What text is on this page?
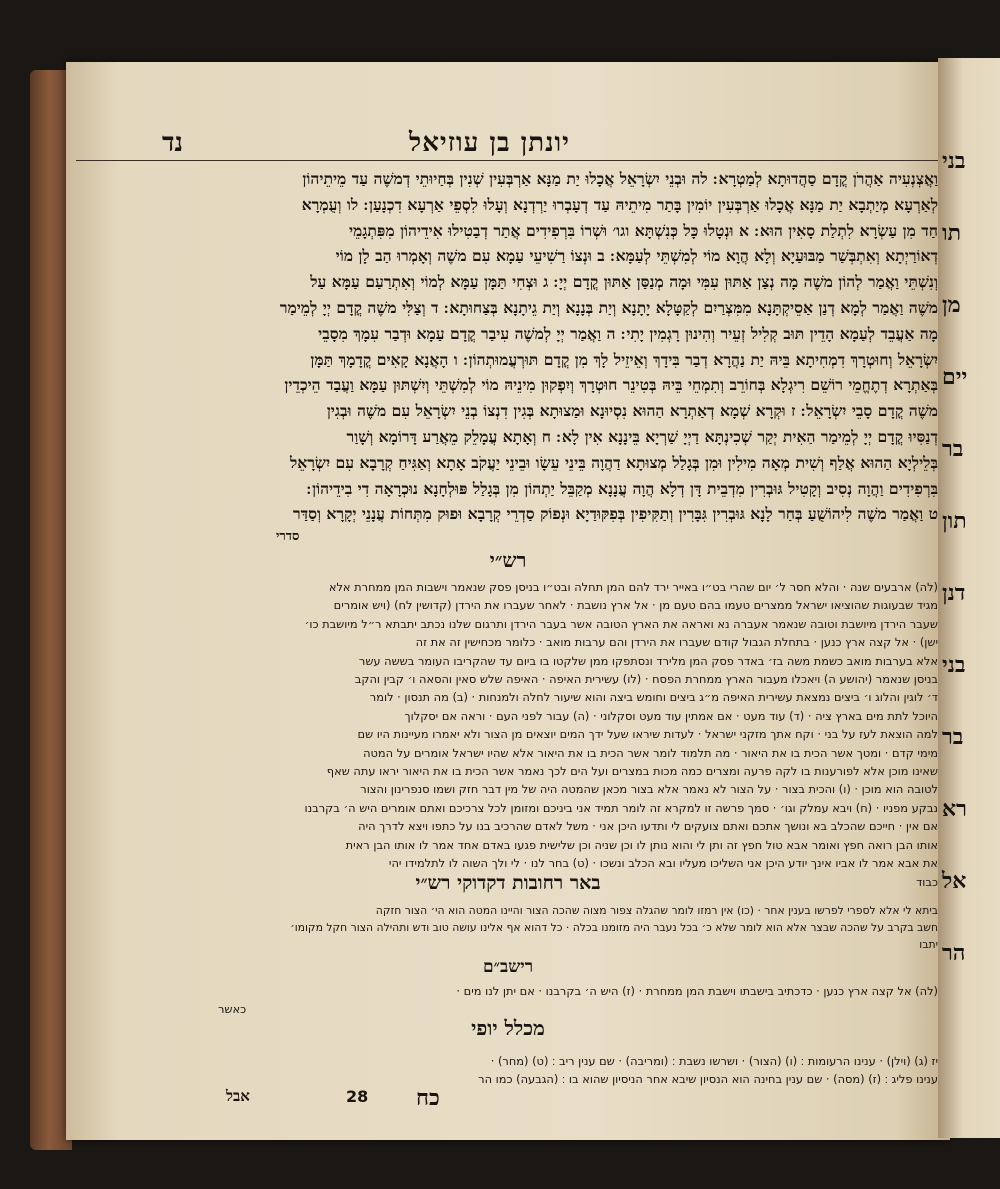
יונתן בן עוזיאל
נד
וַאֲצְנְעִיה אַהֲרֹן קֳדָם סַהֲדוּתָא לְמַטְרָא ׃ לה וּבְנֵי יִשְׂרָאֵל אֲכָלוּ יַת מַנָּא אַרְבְּעִין שְׁנִין בְּחַיוּתֵי דְמשֶׁה עַד מֵיתֵיהוֹן
לְאַרְעָא מְיַתְבָא יַת מַנָּא אֲכָלוּ אַרְבְּעִין יוֹמִין בָּתַר מִיתֵיהּ עַד דְעָבְרוּ יַרְדְנָא וְעָלוּ לִסְפֵי אַרְעָא דִכְנָעַן ׃ לו וְעֻמְרָא
חַד מִן עַשְׂרָא לִתְלַת סָאִין הוּא ׃ א וּנְטָלוּ כָּל כְּנִשְׁתָּא וגו׳ וּשְׁרוֹ בִּרְפִידִים אֲתַר דְבַטִילוּ אִידֵיהוֹן מִפִּתְגָמֵי
דְאוֹרַיְתָא וְאִתְבְּשַׁר מַבּוּעַיָא וְלָא הֲוָא מוֹי לְמִשְׁתֵּי לְעַמָּא ׃ ב וּנְצוֹ רַשִׁיעֵי עַמָא עִם משֶׁה וְאָמְרוּ הַב לָן מוֹי
וְנִשְׁתֵּי וַאֲמַר לְהוֹן משֶׁה מָה נְצַן אַתּוּן עִמִּי וּמָה מְנַסַּן אַתּוּן קֳדָם יְיָ ׃ ג וּצְחִי תַּמָּן עַמָּא לְמוֹי וְאִתְרַעַם עַמָּא עַל
משֶׁה וַאֲמַר לְמָא דְנַן אַסֵיקְתָּנָא מִמִּצְרַיִם לְקַטָּלָא יָתָנָא וְיַת בְּנָנָא וְיַת גֵיתָנָא בְּצַחוּתָא ׃ ד וְצַלִּי משֶׁה קֳדָם יְיָ לְמֵימַר
מָה אַעֲבֵד לְעַמָא הָדֵין תּוּב קְלִיל זְעֵיר וְהִינוּן רָגְמִין יָתִי ׃ ה וַאֲמַר יְיָ לְמשֶׁה עִיבַר קֳדָם עַמָא וּדְבַר עִמָךְ מִסָבֵי
יִשְׂרָאֵל וְחוּטְרָךְ דִמְחִיתָא בֵּיהּ יַת נַהֲרָא דְבַר בִּידָךְ וְאֵיזֵיל לָךְ מִן קֳדָם תּוּרְעֲמוּתְהוֹן ׃ ו הָאֲנָא קָאִים קֳדָמָךְ תַּמָּן
בְּאַתְרָא דְתֶחֱמֵי רוֹשֵׁם רִיגְלָא בְּחוֹרֵב וְתִמְחֵי בֵּיהּ בְּטִינֵר חוּטְרָךְ וְיִפְקוּן מִינֵיהּ מוֹי לְמִשְׁתֵּי וְיִשְׁתּוּן עַמָּא וַעֲבַד הֵיכְדֵין
משֶׁה קֳדָם סָבֵי יִשְׂרָאֵל ׃ ז וּקְרָא שְׁמָא דְאַתְרָא הַהוּא נִסְיוּנָא וּמַצוּתָא בְּגִין דִנְצוֹ בְנֵי יִשְׂרָאֵל עִם משֶׁה וּבְגִין
דְנַסִּיוּ קֳדָם יְיָ לְמֵימַר הַאִית יְקַר שְׁכִינְתָּא דַיְיָ שַׁרְיָא בֵּינָנָא אִין לָא ׃ ח וְאָתָא עֲמָלֵק מֵאֲרַע דָּרוֹמָא וְשָׁוַר
בְּלֵילְיָא הַהוּא אֲלַף וְשִׁית מְאָה מִילִין וּמִן בְּגָלַל מְצוּתָא דַהֲוָה בֵּינֵי עֵשָׂו וּבֵינֵי יַעֲקֹב אָתָא וְאַגִּיחַ קְרָבָא עִם יִשְׂרָאֵל
בִּרְפִידִים וַהֲוָה נְסִיב וְקָטִיל גּוּבְרִין מִדְבֵית דָּן דְלָא הֲוָה עֲנָנָא מְקַבֵּל יַתְהוֹן מִן בְּגָלַל פּוּלְחָנָא נוּכְרָאָה דִי בִידֵיהוֹן ׃
ט וַאֲמַר משֶׁה לִיהוֹשֻׁעַ בְּחַר לָנָא גּוּבְרִין גִּבָּרִין וְתַקִּיפִין בְּפִקּוּדַיָא וּנְפוֹק סַדְרֵי קְרָבָא וּפוּק מִתְּחוֹת עֲנָנֵי יְקָרָא וְסַדַּר
סדרי
רש״י
(לה) ארבעים שנה · והלא חסר ל׳ יום שהרי בט״ו באייר ירד להם המן תחלה ובט״ו בניסן פסק שנאמר וישבות המן ממחרת אלא
מגיד שבעוגות שהוציאו ישראל ממצרים טעמו בהם טעם מן · אל ארץ נושבת · לאחר שעברו את הירדן (קדושין לח) (ויש אומרים
שעבר הירדן מיושבת וטובה שנאמר אעברה נא ואראה את הארץ הטובה אשר בעבר הירדן ותרגום שלנו נכתב יתבתא ר״ל מיושבת כו׳
ישן) · אל קצה ארץ כנען · בתחלת הגבול קודם שעברו את הירדן והם ערבות מואב · כלומר מכחישין זה את זה
אלא בערבות מואב כשמת משה בז׳ באדר פסק המן מלירד ונסתפקו ממן שלקטו בו ביום עד שהקריבו העומר בששה עשר
בניסן שנאמר (יהושע ה) ויאכלו מעבור הארץ ממחרת הפסח · (לו) עשירית האיפה · האיפה שלש סאין והסאה ו׳ קבין והקב
ד׳ לוגין והלוג ו׳ ביצים נמצאת עשירית האיפה מ״ג ביצים וחומש ביצה והוא שיעור לחלה ולמנחות · (ב) מה תנסון · לומר
היוכל לתת מים בארץ ציה · (ד) עוד מעט · אם אמתין עוד מעט וסקלוני · (ה) עבור לפני העם · וראה אם יסקלוך
למה הוצאת לעז על בני · וקח אתך מזקני ישראל · לעדות שיראו שעל ידך המים יוצאים מן הצור ולא יאמרו מעיינות היו שם
מימי קדם · ומטך אשר הכית בו את היאור · מה תלמוד לומר אשר הכית בו את היאור אלא שהיו ישראל אומרים על המטה
שאינו מוכן אלא לפורענות בו לקה פרעה ומצרים כמה מכות במצרים ועל הים לכך נאמר אשר הכית בו את היאור יראו עתה שאף
לטובה הוא מוכן · (ו) והכית בצור · על הצור לא נאמר אלא בצור מכאן שהמטה היה של מין דבר חזק ושמו סנפרינון והצור
נבקע מפניו · (ח) ויבא עמלק וגו׳ · סמך פרשה זו למקרא זה לומר תמיד אני ביניכם ומזומן לכל צרכיכם ואתם אומרים היש ה׳ בקרבנו
אם אין · חייכם שהכלב בא ונושך אתכם ואתם צועקים לי ותדעו היכן אני · משל לאדם שהרכיב בנו על כתפו ויצא לדרך היה
אותו הבן רואה חפץ ואומר אבא טול חפץ זה ותן לי והוא נותן לו וכן שניה וכן שלישית פגעו באדם אחד אמר לו אותו הבן ראית
את אבא אמר לו אביו אינך יודע היכן אני השליכו מעליו ובא הכלב ונשכו · (ט) בחר לנו · לי ולך השוה לו לתלמידו יהי
כבוד
באר רחובות דקדוקי רש״י
ביתא לי אלא לספרי לפרשו בענין אחר · (כו) אין רמזו לומר שהגלה צפור מצוה שהכה הצור והיינו המטה הוא הי׳ הצור חזקה
חשב בקרב על שהכה שבצר אלא הוא לומר שלא כ׳ בכל נעבר היה מזומנו בכלה · כל דהוא אף אלינו עושה טוב ודש ותהילה הצור חקל מקומו׳
יתבו
רישב״ם
(לה) אל קצה ארץ כנען · כדכתיב בישבתו וישבת המן ממחרת · (ז) היש ה׳ בקרבנו · אם יתן לנו מים ·
כאשר
מכלל יופי
יז (ג) (וילן) · ענינו הרעומות ׃ (ו) (הצור) · ושרשו נשבת ׃ (ומריבה) · שם ענין ריב ׃ (ט) (מחר) ·
ענינו פליג ׃ (ז) (מסה) · שם ענין בחינה הוא הנסיון שיבא אחר הניסיון שהוא בו ׃ (הגבעה) כמו הר
אבל	28 כח
בני
תו
מן
יים
בר
תון
דנן
בני
בר
רא
אל
הר
